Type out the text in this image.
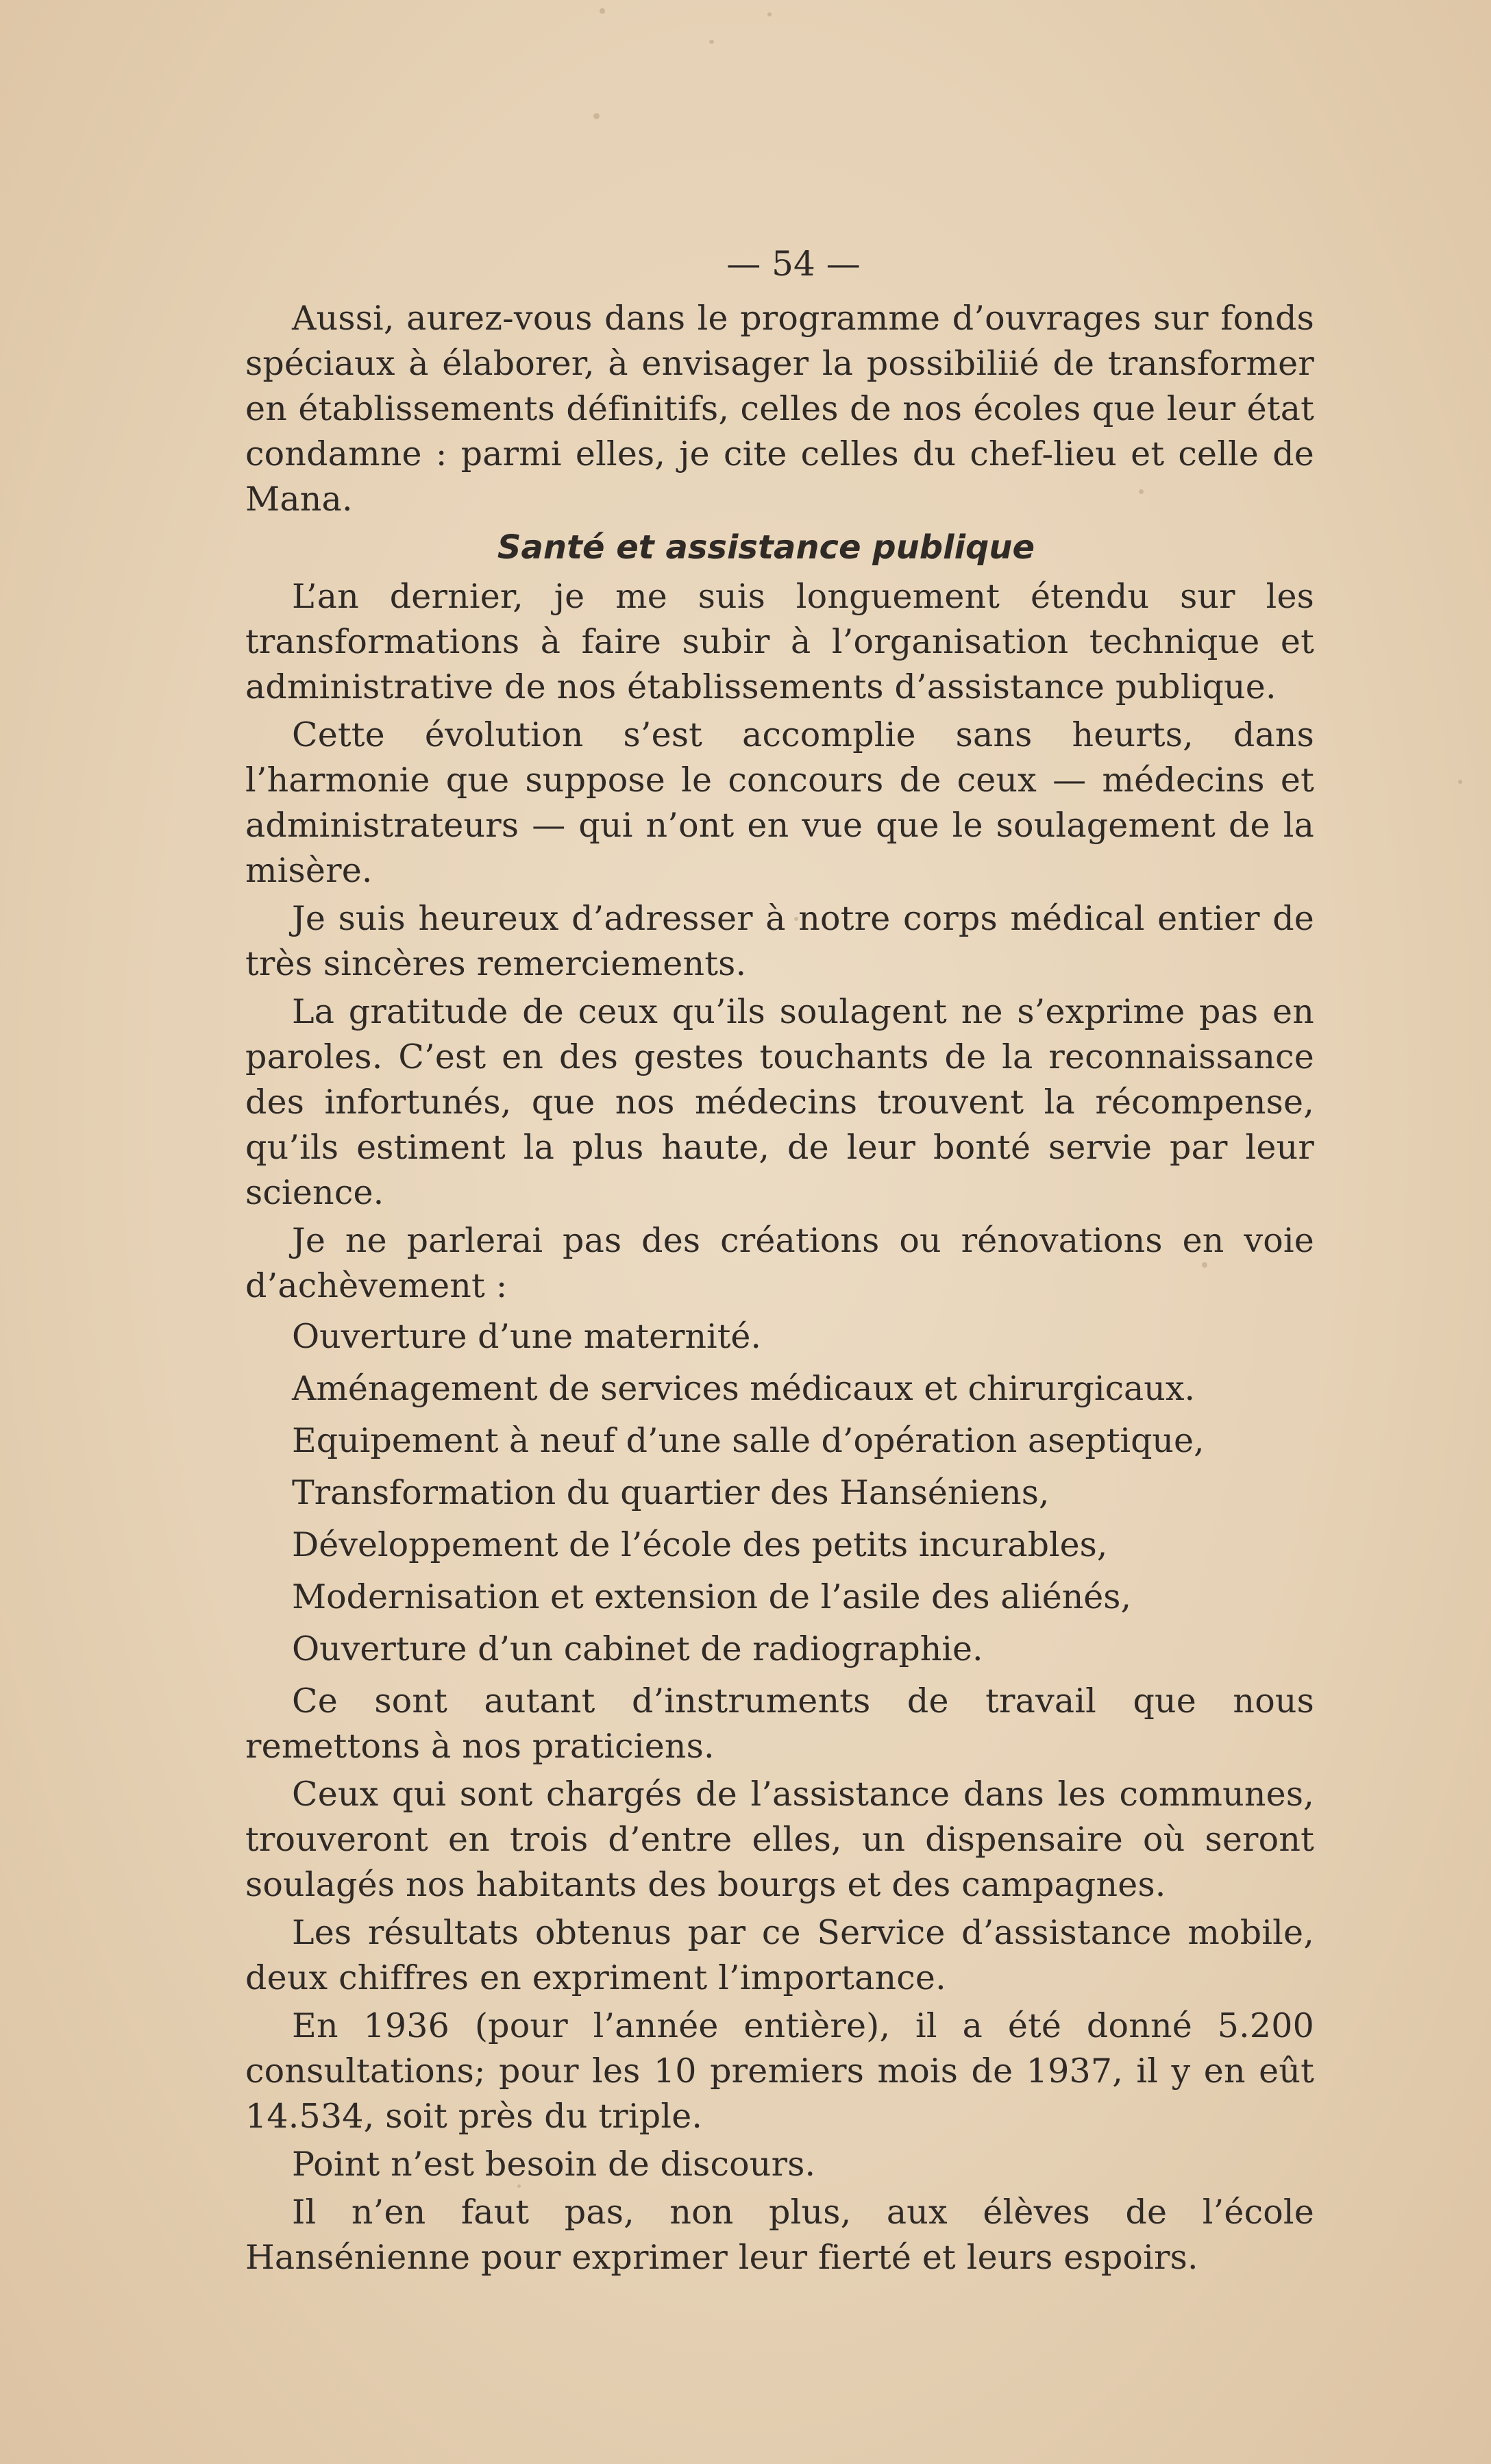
— 54 —

Aussi, aurez-vous dans le programme d’ouvrages sur fonds spéciaux à élaborer, à envisager la possibiliié de transformer en établissements définitifs, celles de nos écoles que leur état condamne : parmi elles, je cite celles du chef-lieu et celle de Mana.

Santé et assistance publique

L’an dernier, je me suis longuement étendu sur les transformations à faire subir à l’organisation technique et administrative de nos établissements d’assistance publique.

Cette évolution s’est accomplie sans heurts, dans l’harmonie que suppose le concours de ceux — médecins et administrateurs — qui n’ont en vue que le soulagement de la misère.

Je suis heureux d’adresser à notre corps médical entier de très sincères remerciements.

La gratitude de ceux qu’ils soulagent ne s’exprime pas en paroles. C’est en des gestes touchants de la reconnaissance des infortunés, que nos médecins trouvent la récompense, qu’ils estiment la plus haute, de leur bonté servie par leur science.

Je ne parlerai pas des créations ou rénovations en voie d’achèvement :

Ouverture d’une maternité.
Aménagement de services médicaux et chirurgicaux.
Equipement à neuf d’une salle d’opération aseptique,
Transformation du quartier des Hanséniens,
Développement de l’école des petits incurables,
Modernisation et extension de l’asile des aliénés,
Ouverture d’un cabinet de radiographie.

Ce sont autant d’instruments de travail que nous remettons à nos praticiens.

Ceux qui sont chargés de l’assistance dans les communes, trouveront en trois d’entre elles, un dispensaire où seront soulagés nos habitants des bourgs et des campagnes.

Les résultats obtenus par ce Service d’assistance mobile, deux chiffres en expriment l’importance.

En 1936 (pour l’année entière), il a été donné 5.200 consultations; pour les 10 premiers mois de 1937, il y en eût 14.534, soit près du triple.

Point n’est besoin de discours.

Il n’en faut pas, non plus, aux élèves de l’école Hansénienne pour exprimer leur fierté et leurs espoirs.
